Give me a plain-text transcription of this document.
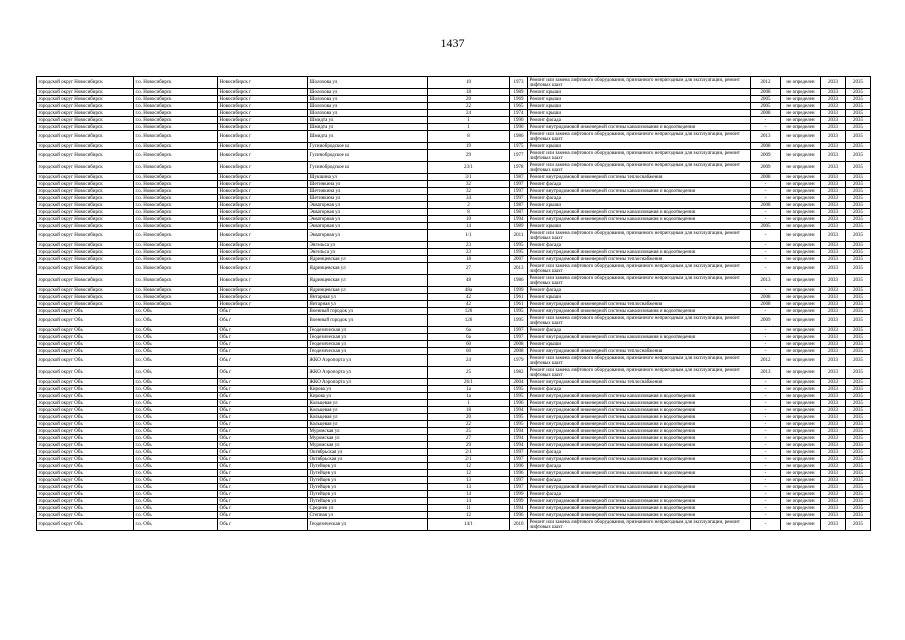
1437
городской округ Новосибирск	г.о. Новосибирск	Новосибирск г	Шолохова ул	10	1973	Ремонт или замена лифтового оборудования, признанного непригодным для эксплуатации, ремонт лифтовых шахт	2012	не определен	2033	2035
городской округ Новосибирск	г.о. Новосибирск	Новосибирск г	Шолохова ул	18	1989	Ремонт крыши	2008	не определен	2033	2035
городской округ Новосибирск	г.о. Новосибирск	Новосибирск г	Шолохова ул	20	1969	Ремонт крыши	2005	не определен	2033	2035
городской округ Новосибирск	г.о. Новосибирск	Новосибирск г	Шолохова ул	22	1965	Ремонт крыши	2005	не определен	2033	2035
городской округ Новосибирск	г.о. Новосибирск	Новосибирск г	Шолохова ул	24	1974	Ремонт крыши	2008	не определен	2033	2035
городской округ Новосибирск	г.о. Новосибирск	Новосибирск г	Шмидта ул	1	1990	Ремонт фасада	-	не определен	2033	2035
городской округ Новосибирск	г.о. Новосибирск	Новосибирск г	Шмидта ул	1	1990	Ремонт внутридомовой инженерной системы канализования и водоотведения	-	не определен	2033	2035
городской округ Новосибирск	г.о. Новосибирск	Новосибирск г	Шмидта ул	8	1986	Ремонт или замена лифтового оборудования, признанного непригодным для эксплуатации, ремонт лифтовых шахт	2013	не определен	2033	2035
городской округ Новосибирск	г.о. Новосибирск	Новосибирск г	Гусинобродское ш	19	1975	Ремонт крыши	2008	не определен	2033	2035
городской округ Новосибирск	г.о. Новосибирск	Новосибирск г	Гусинобродское ш	29	1977	Ремонт или замена лифтового оборудования, признанного непригодным для эксплуатации, ремонт лифтовых шахт	2009	не определен	2033	2035
городской округ Новосибирск	г.о. Новосибирск	Новосибирск г	Гусинобродское ш	23/1	1978	Ремонт или замена лифтового оборудования, признанного непригодным для эксплуатации, ремонт лифтовых шахт	2009	не определен	2033	2035
городской округ Новосибирск	г.о. Новосибирск	Новосибирск г	Шукшина ул	3/1	1987	Ремонт внутридомовой инженерной системы теплоснабжения	2008	не определен	2033	2035
городской округ Новосибирск	г.о. Новосибирск	Новосибирск г	Шетинкина ул	32	1997	Ремонт фасада	-	не определен	2033	2035
городской округ Новосибирск	г.о. Новосибирск	Новосибирск г	Шетинкина ул	32	1997	Ремонт внутридомовой инженерной системы канализования и водоотведения	-	не определен	2033	2035
городской округ Новосибирск	г.о. Новосибирск	Новосибирск г	Шетинкина ул	34	1997	Ремонт фасада	-	не определен	2033	2035
городской округ Новосибирск	г.о. Новосибирск	Новосибирск г	Экваторная ул	2	1987	Ремонт крыши	2008	не определен	2033	2035
городской округ Новосибирск	г.о. Новосибирск	Новосибирск г	Экваторная ул	8	1987	Ремонт внутридомовой инженерной системы канализования и водоотведения	-	не определен	2033	2035
городской округ Новосибирск	г.о. Новосибирск	Новосибирск г	Экваторная ул	10	1994	Ремонт внутридомовой инженерной системы канализования и водоотведения	-	не определен	2033	2035
городской округ Новосибирск	г.о. Новосибирск	Новосибирск г	Экваторная ул	14	1989	Ремонт крыши	2005	не определен	2033	2035
городской округ Новосибирск	г.о. Новосибирск	Новосибирск г	Экваторная ул	1/1	2011	Ремонт или замена лифтового оборудования, признанного непригодным для эксплуатации, ремонт лифтовых шахт	-	не определен	2033	2035
городской округ Новосибирск	г.о. Новосибирск	Новосибирск г	Энгельса ул	23	1995	Ремонт фасада	-	не определен	2033	2035
городской округ Новосибирск	г.о. Новосибирск	Новосибирск г	Энгельса ул	23	1995	Ремонт внутридомовой инженерной системы канализования и водоотведения	-	не определен	2033	2035
городской округ Новосибирск	г.о. Новосибирск	Новосибирск г	Ядринцевская ул	18	2007	Ремонт внутридомовой инженерной системы теплоснабжения	-	не определен	2033	2035
городской округ Новосибирск	г.о. Новосибирск	Новосибирск г	Ядринцевская ул	27	2013	Ремонт или замена лифтового оборудования, признанного непригодным для эксплуатации, ремонт лифтовых шахт	-	не определен	2033	2035
городской округ Новосибирск	г.о. Новосибирск	Новосибирск г	Ядринцевская ул	48	1986	Ремонт или замена лифтового оборудования, признанного непригодным для эксплуатации, ремонт лифтовых шахт	2013	не определен	2033	2035
городской округ Новосибирск	г.о. Новосибирск	Новосибирск г	Ядринцевская ул	48а	1999	Ремонт фасада	-	не определен	2033	2035
городской округ Новосибирск	г.о. Новосибирск	Новосибирск г	Янтарная ул	42	1961	Ремонт крыши	2008	не определен	2033	2035
городской округ Новосибирск	г.о. Новосибирск	Новосибирск г	Янтарная ул	42	1961	Ремонт внутридомовой инженерной системы теплоснабжения	2008	не определен	2033	2035
городской округ Обь	г.о. Обь	Обь г	Военный городок ул	126	1995	Ремонт внутридомовой инженерной системы канализования и водоотведения	-	не определен	2033	2035
городской округ Обь	г.о. Обь	Обь г	Военный городок ул	126	1995	Ремонт или замена лифтового оборудования, признанного непригодным для эксплуатации, ремонт лифтовых шахт	2009	не определен	2033	2035
городской округ Обь	г.о. Обь	Обь г	Геодезическая ул	6а	1997	Ремонт фасада	-	не определен	2033	2035
городской округ Обь	г.о. Обь	Обь г	Геодезическая ул	6а	1997	Ремонт внутридомовой инженерной системы канализования и водоотведения	-	не определен	2033	2035
городской округ Обь	г.о. Обь	Обь г	Геодезическая ул	60	2008	Ремонт крыши	-	не определен	2033	2035
городской округ Обь	г.о. Обь	Обь г	Геодезическая ул	60	2008	Ремонт внутридомовой инженерной системы теплоснабжения	-	не определен	2033	2035
городской округ Обь	г.о. Обь	Обь г	ЖКО Аэропорта ул	24	1979	Ремонт или замена лифтового оборудования, признанного непригодным для эксплуатации, ремонт лифтовых шахт	2012	не определен	2033	2035
городской округ Обь	г.о. Обь	Обь г	ЖКО Аэропорта ул	25	1982	Ремонт или замена лифтового оборудования, признанного непригодным для эксплуатации, ремонт лифтовых шахт	2013	не определен	2033	2035
городской округ Обь	г.о. Обь	Обь г	ЖКО Аэропорта ул	26/1	2004	Ремонт внутридомовой инженерной системы теплоснабжения	-	не определен	2033	2035
городской округ Обь	г.о. Обь	Обь г	Кирова ул	1а	1995	Ремонт фасада	-	не определен	2033	2035
городской округ Обь	г.о. Обь	Обь г	Кирова ул	1а	1995	Ремонт внутридомовой инженерной системы канализования и водоотведения	-	не определен	2033	2035
городской округ Обь	г.о. Обь	Обь г	Кольцевая ул	1	1996	Ремонт внутридомовой инженерной системы канализования и водоотведения	-	не определен	2033	2035
городской округ Обь	г.о. Обь	Обь г	Кольцевая ул	18	1994	Ремонт внутридомовой инженерной системы канализования и водоотведения	-	не определен	2033	2035
городской округ Обь	г.о. Обь	Обь г	Кольцевая ул	20	1995	Ремонт внутридомовой инженерной системы канализования и водоотведения	-	не определен	2033	2035
городской округ Обь	г.о. Обь	Обь г	Кольцевая ул	22	1995	Ремонт внутридомовой инженерной системы канализования и водоотведения	-	не определен	2033	2035
городской округ Обь	г.о. Обь	Обь г	Муромская ул	25	1994	Ремонт внутридомовой инженерной системы канализования и водоотведения	-	не определен	2033	2035
городской округ Обь	г.о. Обь	Обь г	Муромская ул	27	1994	Ремонт внутридомовой инженерной системы канализования и водоотведения	-	не определен	2033	2035
городской округ Обь	г.о. Обь	Обь г	Муромская ул	29	1994	Ремонт внутридомовой инженерной системы канализования и водоотведения	-	не определен	2033	2035
городской округ Обь	г.о. Обь	Обь г	Октябрьская ул	2/1	1997	Ремонт фасада	-	не определен	2033	2035
городской округ Обь	г.о. Обь	Обь г	Октябрьская ул	2/1	1997	Ремонт внутридомовой инженерной системы канализования и водоотведения	-	не определен	2033	2035
городской округ Обь	г.о. Обь	Обь г	Путейцев ул	12	1996	Ремонт фасада	-	не определен	2033	2035
городской округ Обь	г.о. Обь	Обь г	Путейцев ул	12	1996	Ремонт внутридомовой инженерной системы канализования и водоотведения	-	не определен	2033	2035
городской округ Обь	г.о. Обь	Обь г	Путейцев ул	13	1997	Ремонт фасада	-	не определен	2033	2035
городской округ Обь	г.о. Обь	Обь г	Путейцев ул	13	1997	Ремонт внутридомовой инженерной системы канализования и водоотведения	-	не определен	2033	2035
городской округ Обь	г.о. Обь	Обь г	Путейцев ул	14	1999	Ремонт фасада	-	не определен	2033	2035
городской округ Обь	г.о. Обь	Обь г	Путейцев ул	14	1999	Ремонт внутридомовой инженерной системы канализования и водоотведения	-	не определен	2033	2035
городской округ Обь	г.о. Обь	Обь г	Среднея ул	11	1994	Ремонт внутридомовой инженерной системы канализования и водоотведения	-	не определен	2033	2035
городской округ Обь	г.о. Обь	Обь г	Степная ул	12	1996	Ремонт внутридомовой инженерной системы канализования и водоотведения	-	не определен	2033	2035
городской округ Обь	г.о. Обь	Обь г	Геодезическая ул	14/1	2010	Ремонт или замена лифтового оборудования, признанного непригодным для эксплуатации, ремонт лифтовых шахт	-	не определен	2033	2035
